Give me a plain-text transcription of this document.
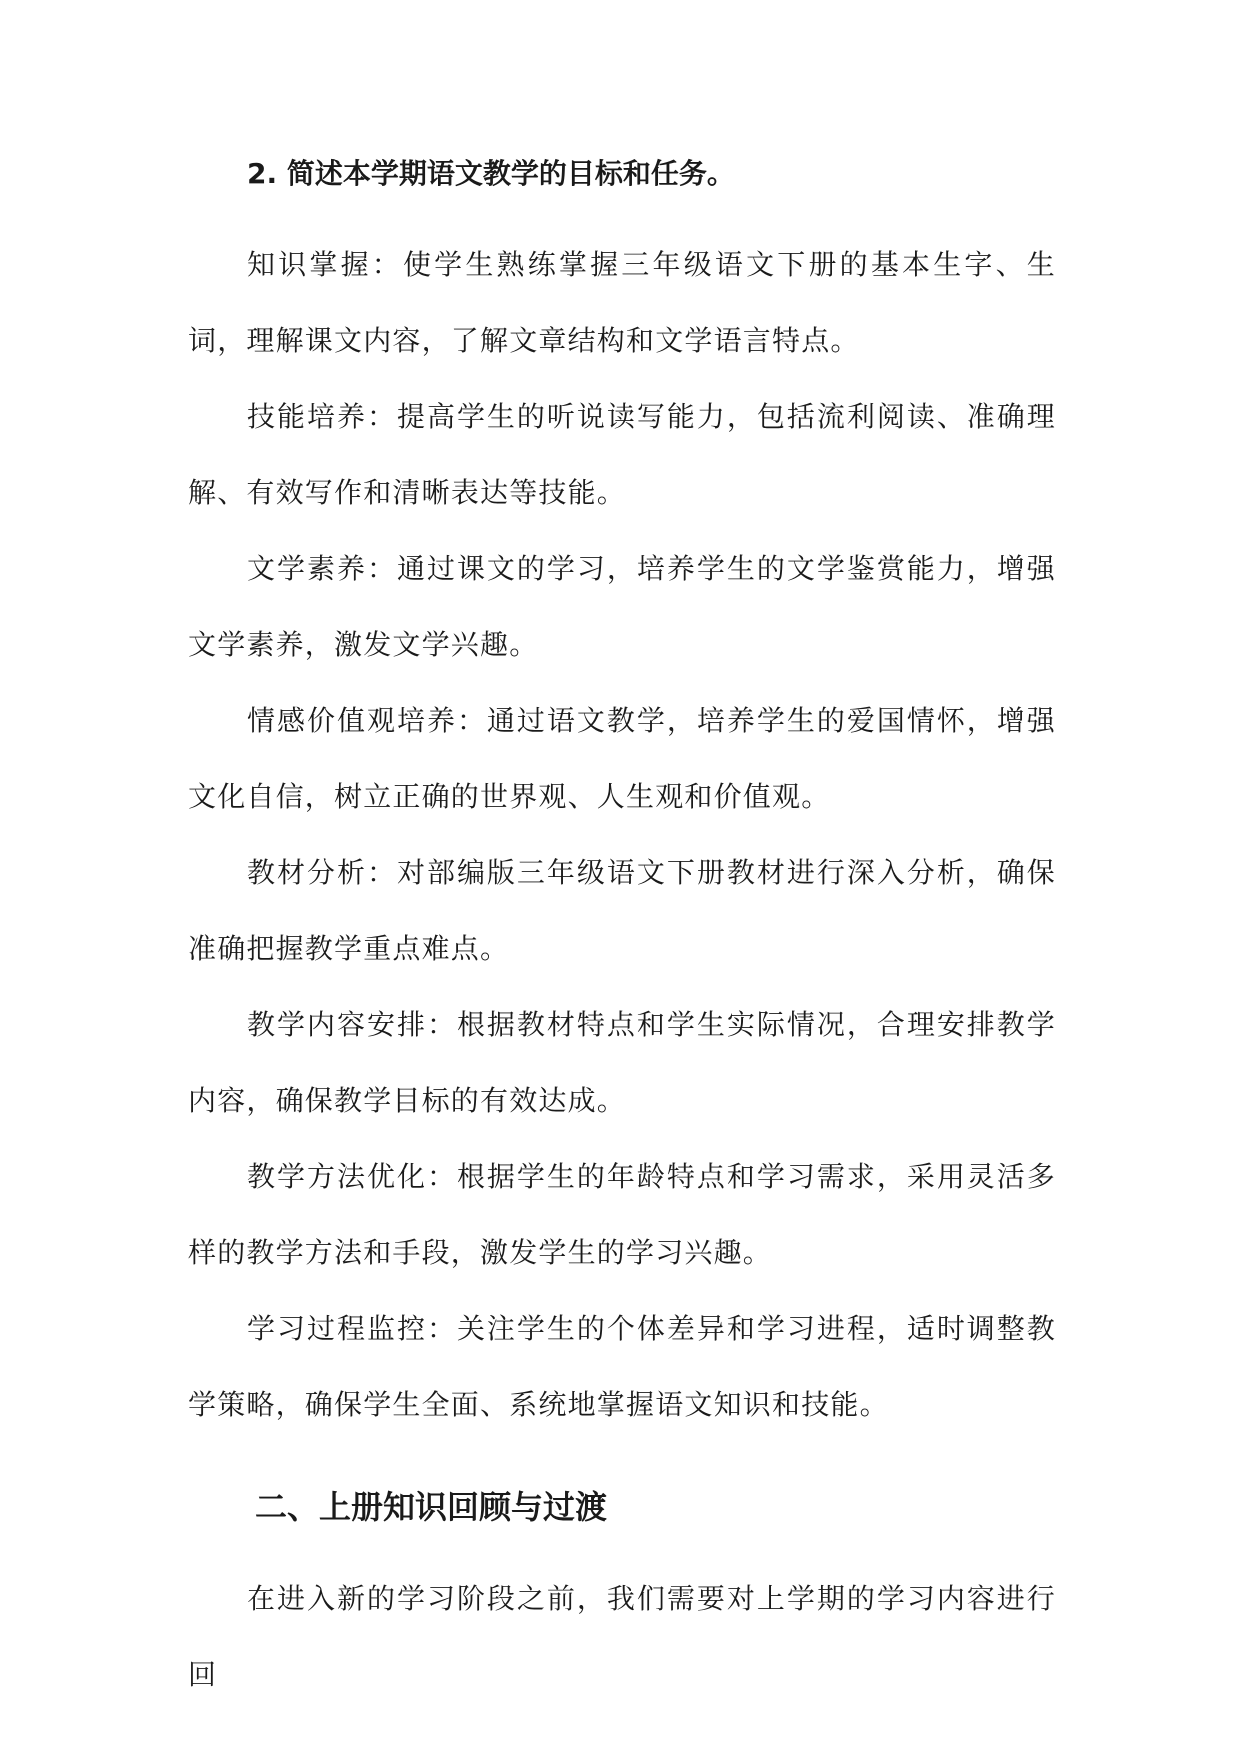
2. 简述本学期语文教学的目标和任务。

知识掌握：使学生熟练掌握三年级语文下册的基本生字、生词，理解课文内容，了解文章结构和文学语言特点。

技能培养：提高学生的听说读写能力，包括流利阅读、准确理解、有效写作和清晰表达等技能。

文学素养：通过课文的学习，培养学生的文学鉴赏能力，增强文学素养，激发文学兴趣。

情感价值观培养：通过语文教学，培养学生的爱国情怀，增强文化自信，树立正确的世界观、人生观和价值观。

教材分析：对部编版三年级语文下册教材进行深入分析，确保准确把握教学重点难点。

教学内容安排：根据教材特点和学生实际情况，合理安排教学内容，确保教学目标的有效达成。

教学方法优化：根据学生的年龄特点和学习需求，采用灵活多样的教学方法和手段，激发学生的学习兴趣。

学习过程监控：关注学生的个体差异和学习进程，适时调整教学策略，确保学生全面、系统地掌握语文知识和技能。

二、上册知识回顾与过渡

在进入新的学习阶段之前，我们需要对上学期的学习内容进行回
